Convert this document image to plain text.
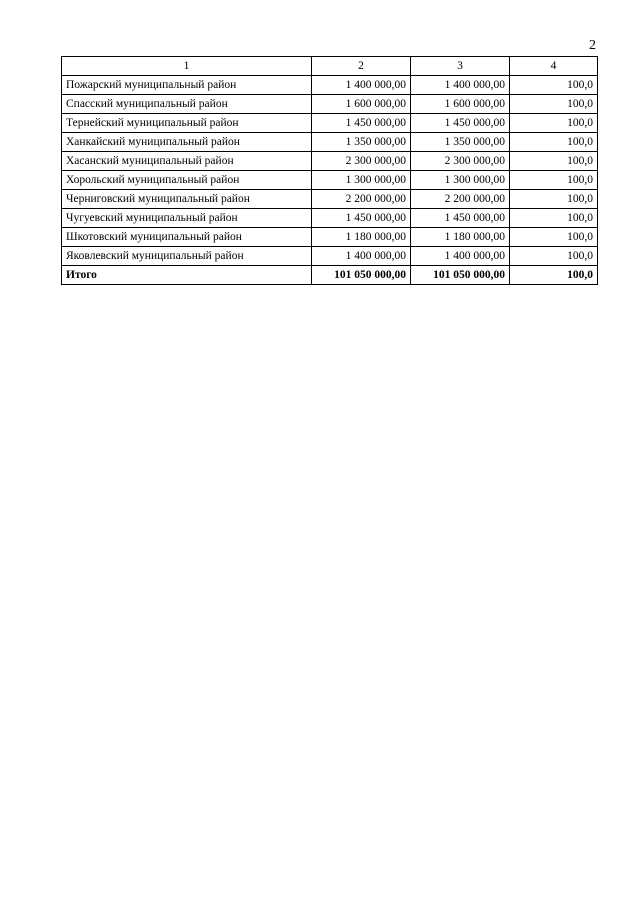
2
1	2	3	4
Пожарский муниципальный район	1 400 000,00	1 400 000,00	100,0
Спасский муниципальный район	1 600 000,00	1 600 000,00	100,0
Тернейский муниципальный район	1 450 000,00	1 450 000,00	100,0
Ханкайский муниципальный район	1 350 000,00	1 350 000,00	100,0
Хасанский муниципальный район	2 300 000,00	2 300 000,00	100,0
Хорольский муниципальный район	1 300 000,00	1 300 000,00	100,0
Черниговский муниципальный район	2 200 000,00	2 200 000,00	100,0
Чугуевский муниципальный район	1 450 000,00	1 450 000,00	100,0
Шкотовский муниципальный район	1 180 000,00	1 180 000,00	100,0
Яковлевский муниципальный район	1 400 000,00	1 400 000,00	100,0
Итого	101 050 000,00	101 050 000,00	100,0
